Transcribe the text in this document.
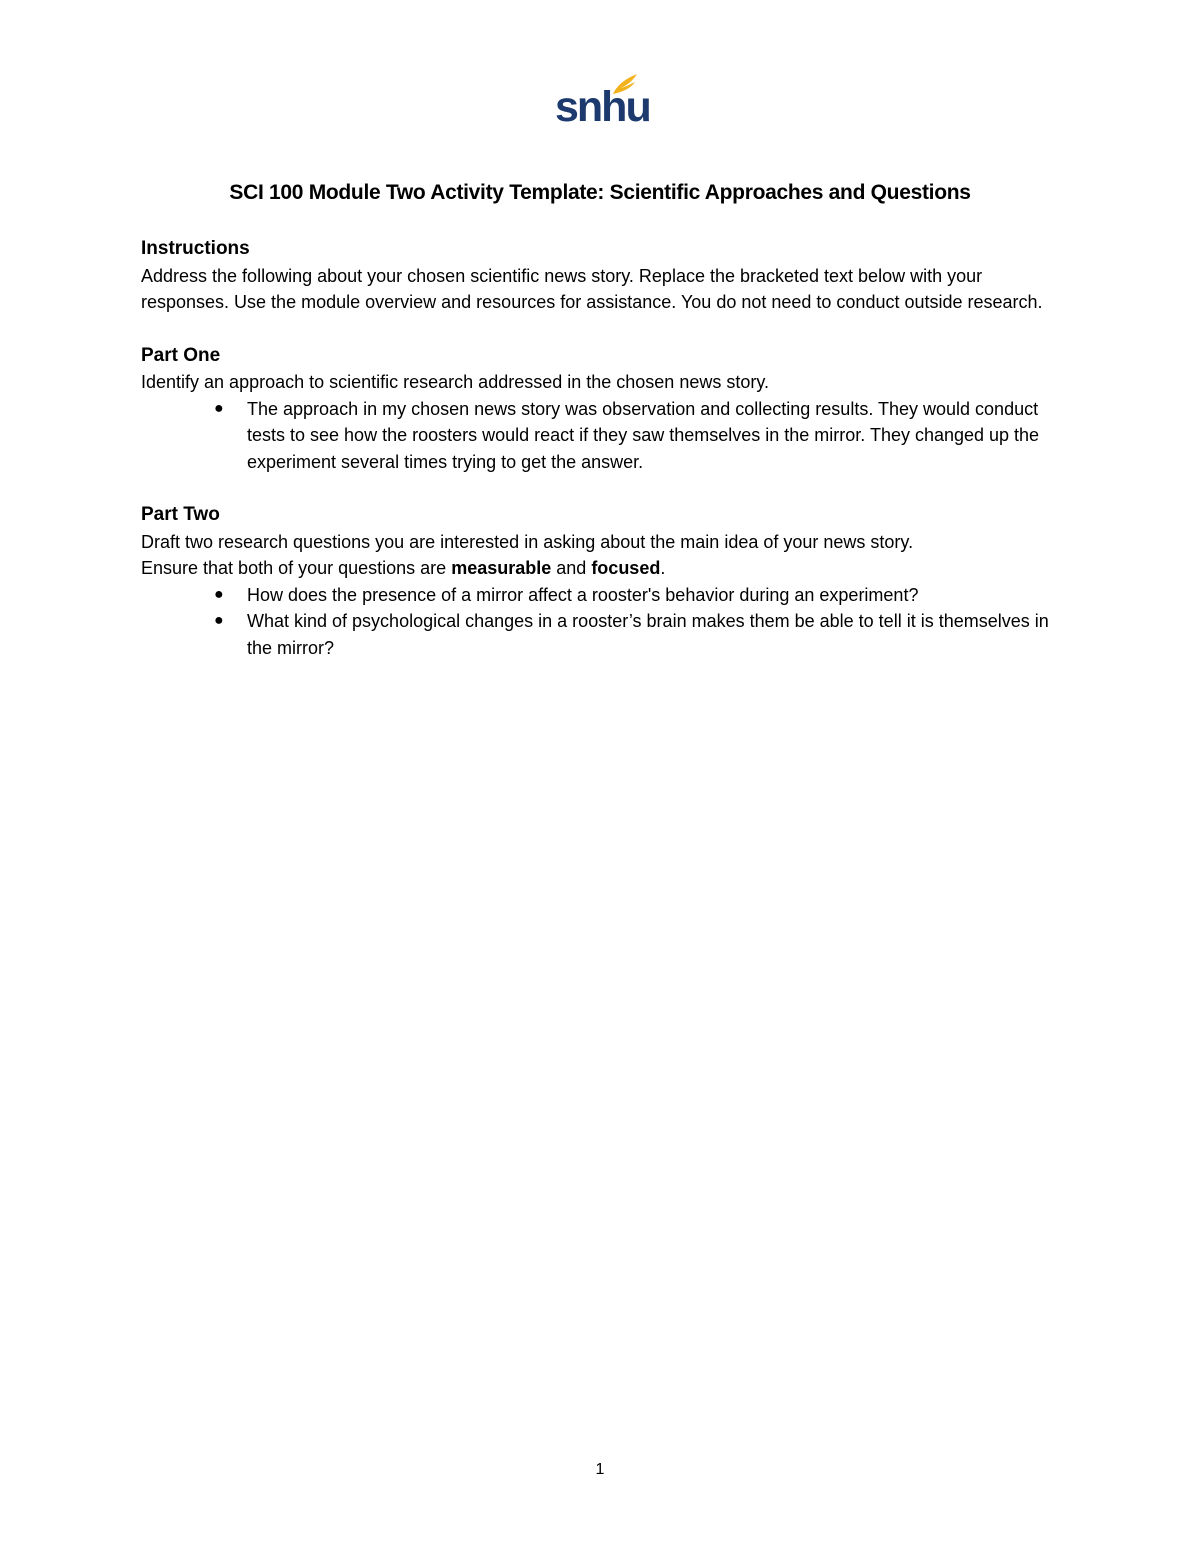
snhu
SCI 100 Module Two Activity Template: Scientific Approaches and Questions

Instructions

Address the following about your chosen scientific news story. Replace the bracketed text below with your responses. Use the module overview and resources for assistance. You do not need to conduct outside research.

Part One

Identify an approach to scientific research addressed in the chosen news story.

● The approach in my chosen news story was observation and collecting results. They would conduct tests to see how the roosters would react if they saw themselves in the mirror. They changed up the experiment several times trying to get the answer.

Part Two

Draft two research questions you are interested in asking about the main idea of your news story.

Ensure that both of your questions are measurable and focused.

● How does the presence of a mirror affect a rooster's behavior during an experiment?
● What kind of psychological changes in a rooster’s brain makes them be able to tell it is themselves in the mirror?
1
